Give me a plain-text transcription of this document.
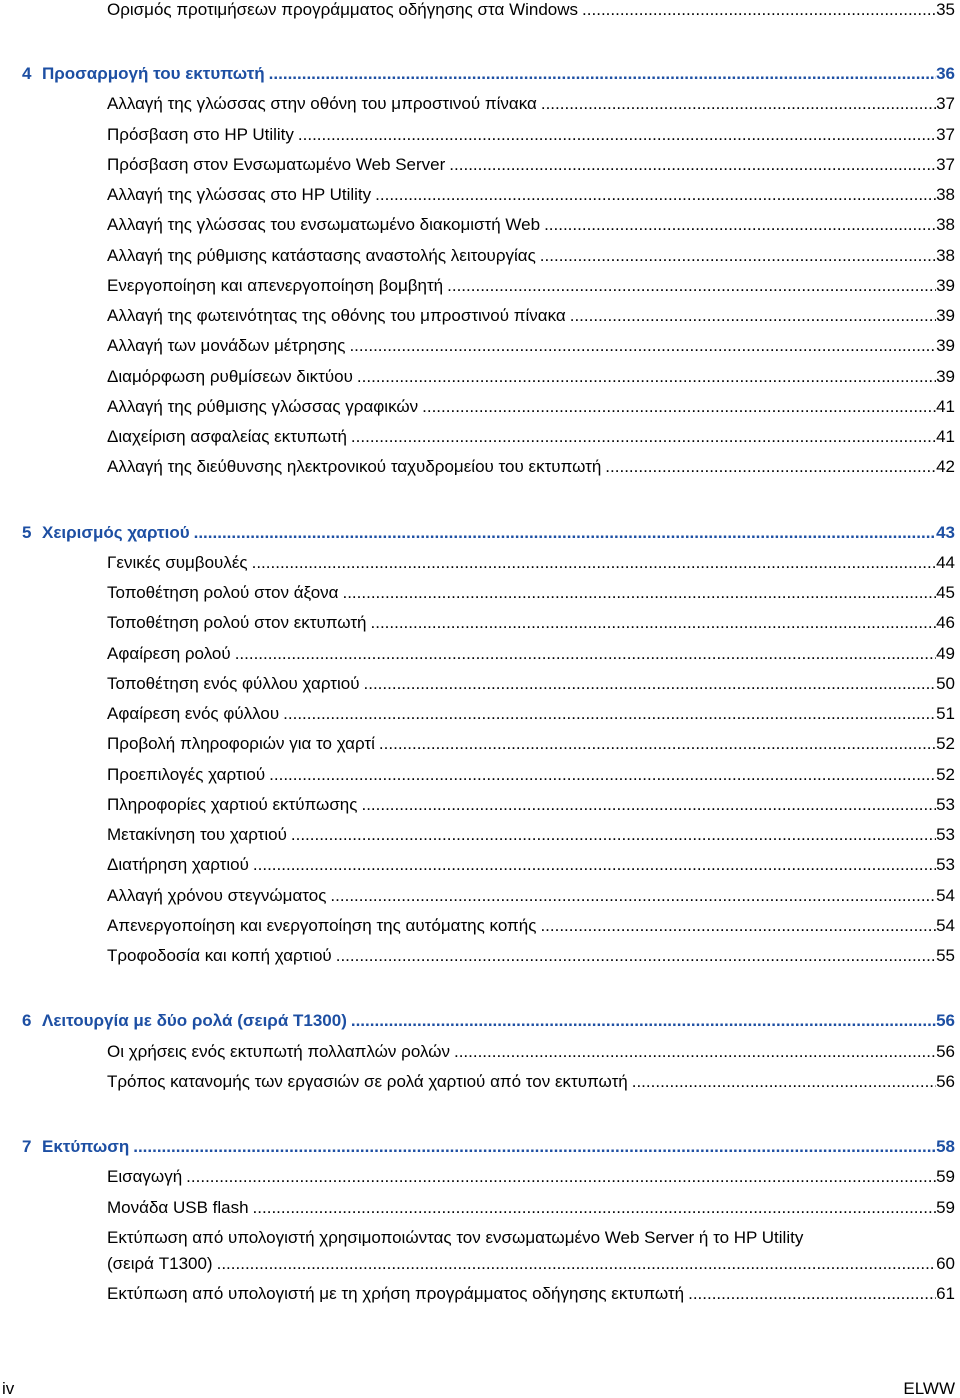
Ορισμός προτιμήσεων προγράμματος οδήγησης στα Windows .....	35
4 Προσαρμογή του εκτυπωτή .....	36
Αλλαγή της γλώσσας στην οθόνη του μπροστινού πίνακα .....	37
Πρόσβαση στο HP Utility .....	37
Πρόσβαση στον Ενσωματωμένο Web Server .....	37
Αλλαγή της γλώσσας στο HP Utility .....	38
Αλλαγή της γλώσσας του ενσωματωμένο διακομιστή Web .....	38
Αλλαγή της ρύθμισης κατάστασης αναστολής λειτουργίας .....	38
Ενεργοποίηση και απενεργοποίηση βομβητή .....	39
Αλλαγή της φωτεινότητας της οθόνης του μπροστινού πίνακα .....	39
Αλλαγή των μονάδων μέτρησης .....	39
Διαμόρφωση ρυθμίσεων δικτύου .....	39
Αλλαγή της ρύθμισης γλώσσας γραφικών .....	41
Διαχείριση ασφαλείας εκτυπωτή .....	41
Αλλαγή της διεύθυνσης ηλεκτρονικού ταχυδρομείου του εκτυπωτή .....	42
5 Χειρισμός χαρτιού .....	43
Γενικές συμβουλές .....	44
Τοποθέτηση ρολού στον άξονα .....	45
Τοποθέτηση ρολού στον εκτυπωτή .....	46
Αφαίρεση ρολού .....	49
Τοποθέτηση ενός φύλλου χαρτιού .....	50
Αφαίρεση ενός φύλλου .....	51
Προβολή πληροφοριών για το χαρτί .....	52
Προεπιλογές χαρτιού .....	52
Πληροφορίες χαρτιού εκτύπωσης .....	53
Μετακίνηση του χαρτιού .....	53
Διατήρηση χαρτιού .....	53
Αλλαγή χρόνου στεγνώματος .....	54
Απενεργοποίηση και ενεργοποίηση της αυτόματης κοπής .....	54
Τροφοδοσία και κοπή χαρτιού .....	55
6 Λειτουργία με δύο ρολά (σειρά T1300) .....	56
Οι χρήσεις ενός εκτυπωτή πολλαπλών ρολών .....	56
Τρόπος κατανομής των εργασιών σε ρολά χαρτιού από τον εκτυπωτή .....	56
7 Εκτύπωση .....	58
Εισαγωγή .....	59
Μονάδα USB flash .....	59
Εκτύπωση από υπολογιστή χρησιμοποιώντας τον ενσωματωμένο Web Server ή το HP Utility
(σειρά T1300) .....	60
Εκτύπωση από υπολογιστή με τη χρήση προγράμματος οδήγησης εκτυπωτή .....	61
iv	ELWW
